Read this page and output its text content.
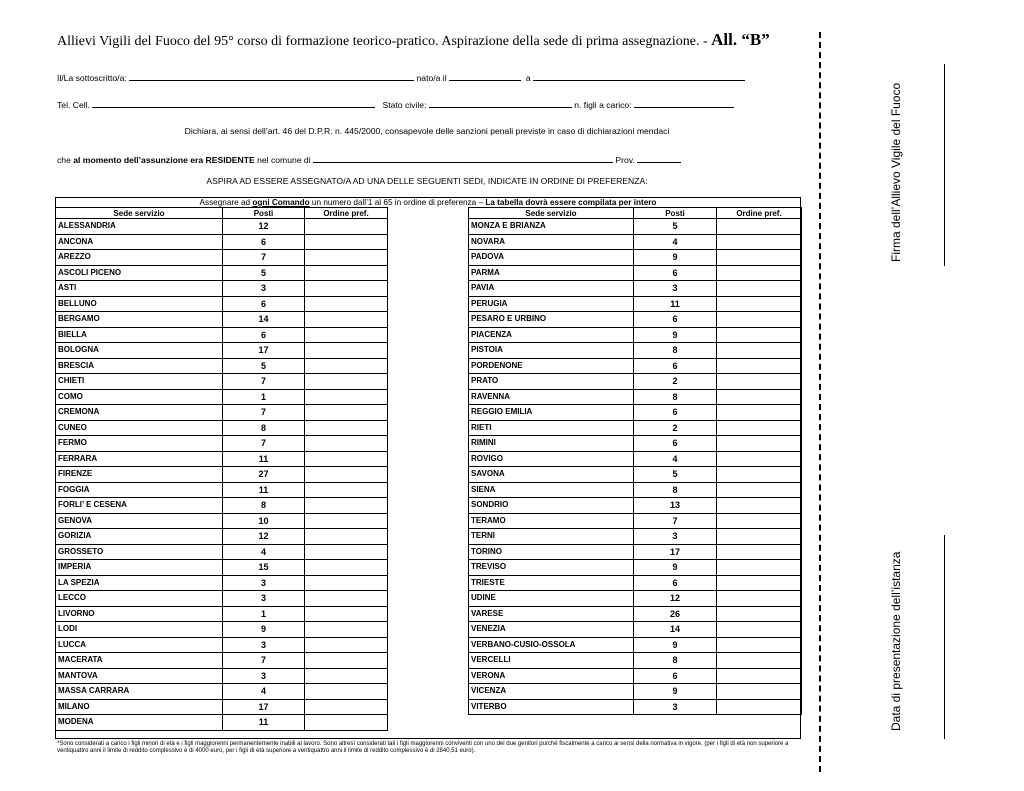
Allievi Vigili del Fuoco del 95° corso di formazione teorico-pratico. Aspirazione della sede di prima assegnazione. - All. “B”
Il/La sottoscritto/a:	nato/a il	a
Tel. Cell.	Stato civile:	n. figli a carico:
Dichiara, ai sensi dell’art. 46 del D.P.R. n. 445/2000, consapevole delle sanzioni penali previste in caso di dichiarazioni mendaci
che al momento dell’assunzione era RESIDENTE nel comune di	Prov.
ASPIRA AD ESSERE ASSEGNATO/A AD UNA DELLE SEGUENTI SEDI, INDICATE IN ORDINE DI PREFERENZA:
Assegnare ad ogni Comando un numero dall’1 al 65 in ordine di preferenza – La tabella dovrà essere compilata per intero
Sede servizio	Posti	Ordine pref.
ALESSANDRIA	12	
ANCONA	6	
AREZZO	7	
ASCOLI PICENO	5	
ASTI	3	
BELLUNO	6	
BERGAMO	14	
BIELLA	6	
BOLOGNA	17	
BRESCIA	5	
CHIETI	7	
COMO	1	
CREMONA	7	
CUNEO	8	
FERMO	7	
FERRARA	11	
FIRENZE	27	
FOGGIA	11	
FORLI’ E CESENA	8	
GENOVA	10	
GORIZIA	12	
GROSSETO	4	
IMPERIA	15	
LA SPEZIA	3	
LECCO	3	
LIVORNO	1	
LODI	9	
LUCCA	3	
MACERATA	7	
MANTOVA	3	
MASSA CARRARA	4	
MILANO	17	
MODENA	11	
Sede servizio	Posti	Ordine pref.
MONZA E BRIANZA	5	
NOVARA	4	
PADOVA	9	
PARMA	6	
PAVIA	3	
PERUGIA	11	
PESARO E URBINO	6	
PIACENZA	9	
PISTOIA	8	
PORDENONE	6	
PRATO	2	
RAVENNA	8	
REGGIO EMILIA	6	
RIETI	2	
RIMINI	6	
ROVIGO	4	
SAVONA	5	
SIENA	8	
SONDRIO	13	
TERAMO	7	
TERNI	3	
TORINO	17	
TREVISO	9	
TRIESTE	6	
UDINE	12	
VARESE	26	
VENEZIA	14	
VERBANO-CUSIO-OSSOLA	9	
VERCELLI	8	
VERONA	6	
VICENZA	9	
VITERBO	3	
*Sono considerati a carico i figli minori di età e i figli maggiorenni permanentemente inabili al lavoro. Sono altresì considerati tali i figli maggiorenni conviventi con uno dei due genitori purché fiscalmente a carico ai sensi della normativa in vigore. (per i figli di età non superiore a ventiquattro anni il limite di reddito complessivo è di 4000 euro, per i figli di età superiore a ventiquattro anni il limite di reddito complessivo è di 2840,51 euro).
Firma dell’Allievo Vigile del Fuoco
Data di presentazione dell’istanza
